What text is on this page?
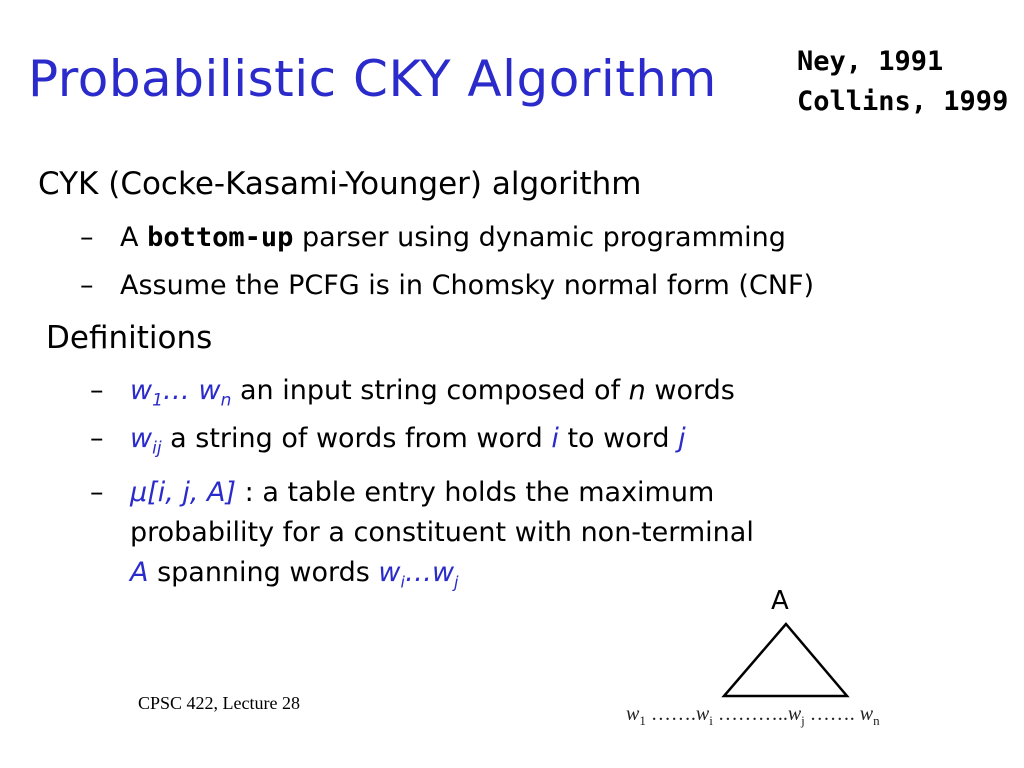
Probabilistic CKY Algorithm	Ney, 1991
Collins, 1999
CYK (Cocke-Kasami-Younger) algorithm
– A bottom-up parser using dynamic programming
– Assume the PCFG is in Chomsky normal form (CNF)
Definitions
– $w_1\dots$ $w_n$ an input string composed of n words
– $w_{ij}$ a string of words from word i to word j
– μ[i, j, A] : a table entry holds the maximum
probability for a constituent with non-terminal
A spanning words $w_i\dots w_j$
A
$w_1$ $\dots\dots.w_i$ $\dots\dots\dots..w_j$ ……. $w_n$
CPSC 422, Lecture 28
